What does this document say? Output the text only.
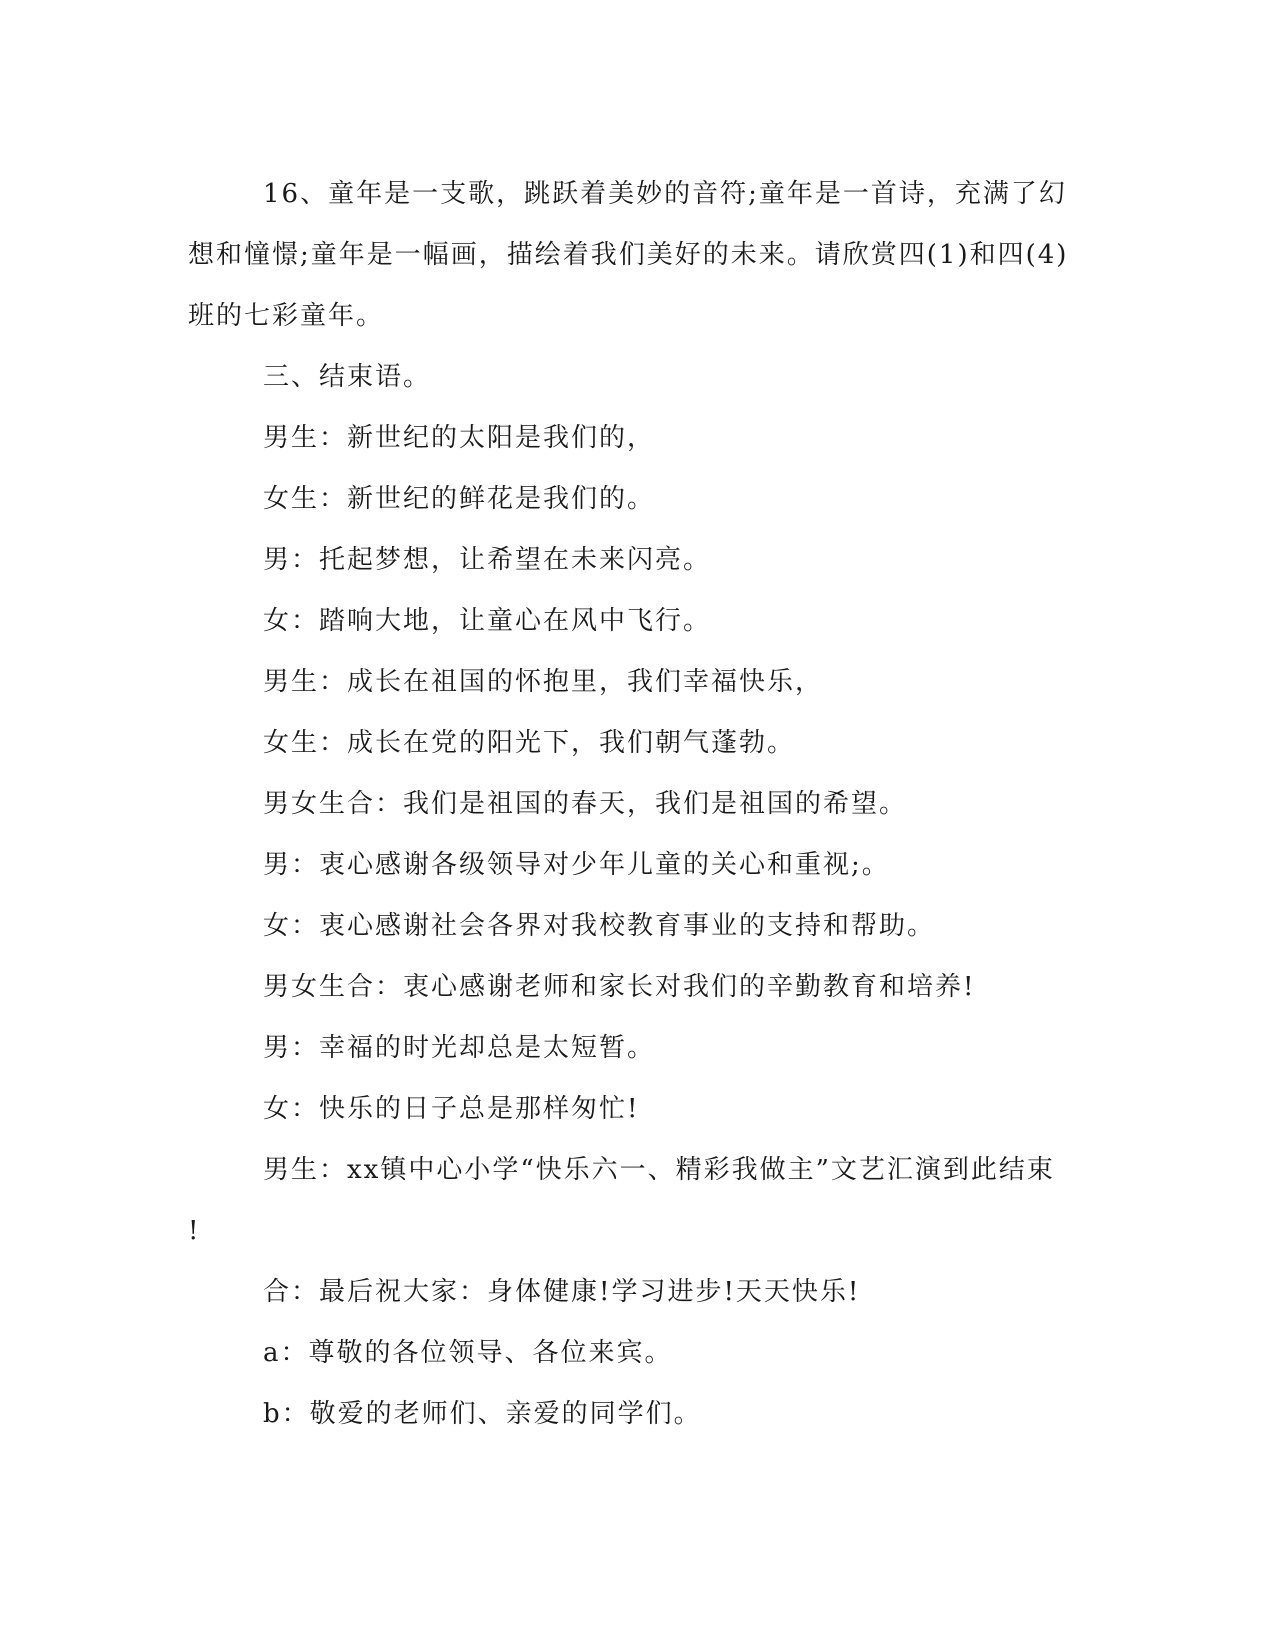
16、童年是一支歌，跳跃着美妙的音符;童年是一首诗，充满了幻
想和憧憬;童年是一幅画，描绘着我们美好的未来。请欣赏四(1)和四(4)
班的七彩童年。
三、结束语。
男生：新世纪的太阳是我们的，
女生：新世纪的鲜花是我们的。
男：托起梦想，让希望在未来闪亮。
女：踏响大地，让童心在风中飞行。
男生：成长在祖国的怀抱里，我们幸福快乐，
女生：成长在党的阳光下，我们朝气蓬勃。
男女生合：我们是祖国的春天，我们是祖国的希望。
男：衷心感谢各级领导对少年儿童的关心和重视;。
女：衷心感谢社会各界对我校教育事业的支持和帮助。
男女生合：衷心感谢老师和家长对我们的辛勤教育和培养!
男：幸福的时光却总是太短暂。
女：快乐的日子总是那样匆忙!
男生：xx镇中心小学“快乐六一、精彩我做主”文艺汇演到此结束
!
合：最后祝大家：身体健康!学习进步!天天快乐!
a：尊敬的各位领导、各位来宾。
b：敬爱的老师们、亲爱的同学们。
